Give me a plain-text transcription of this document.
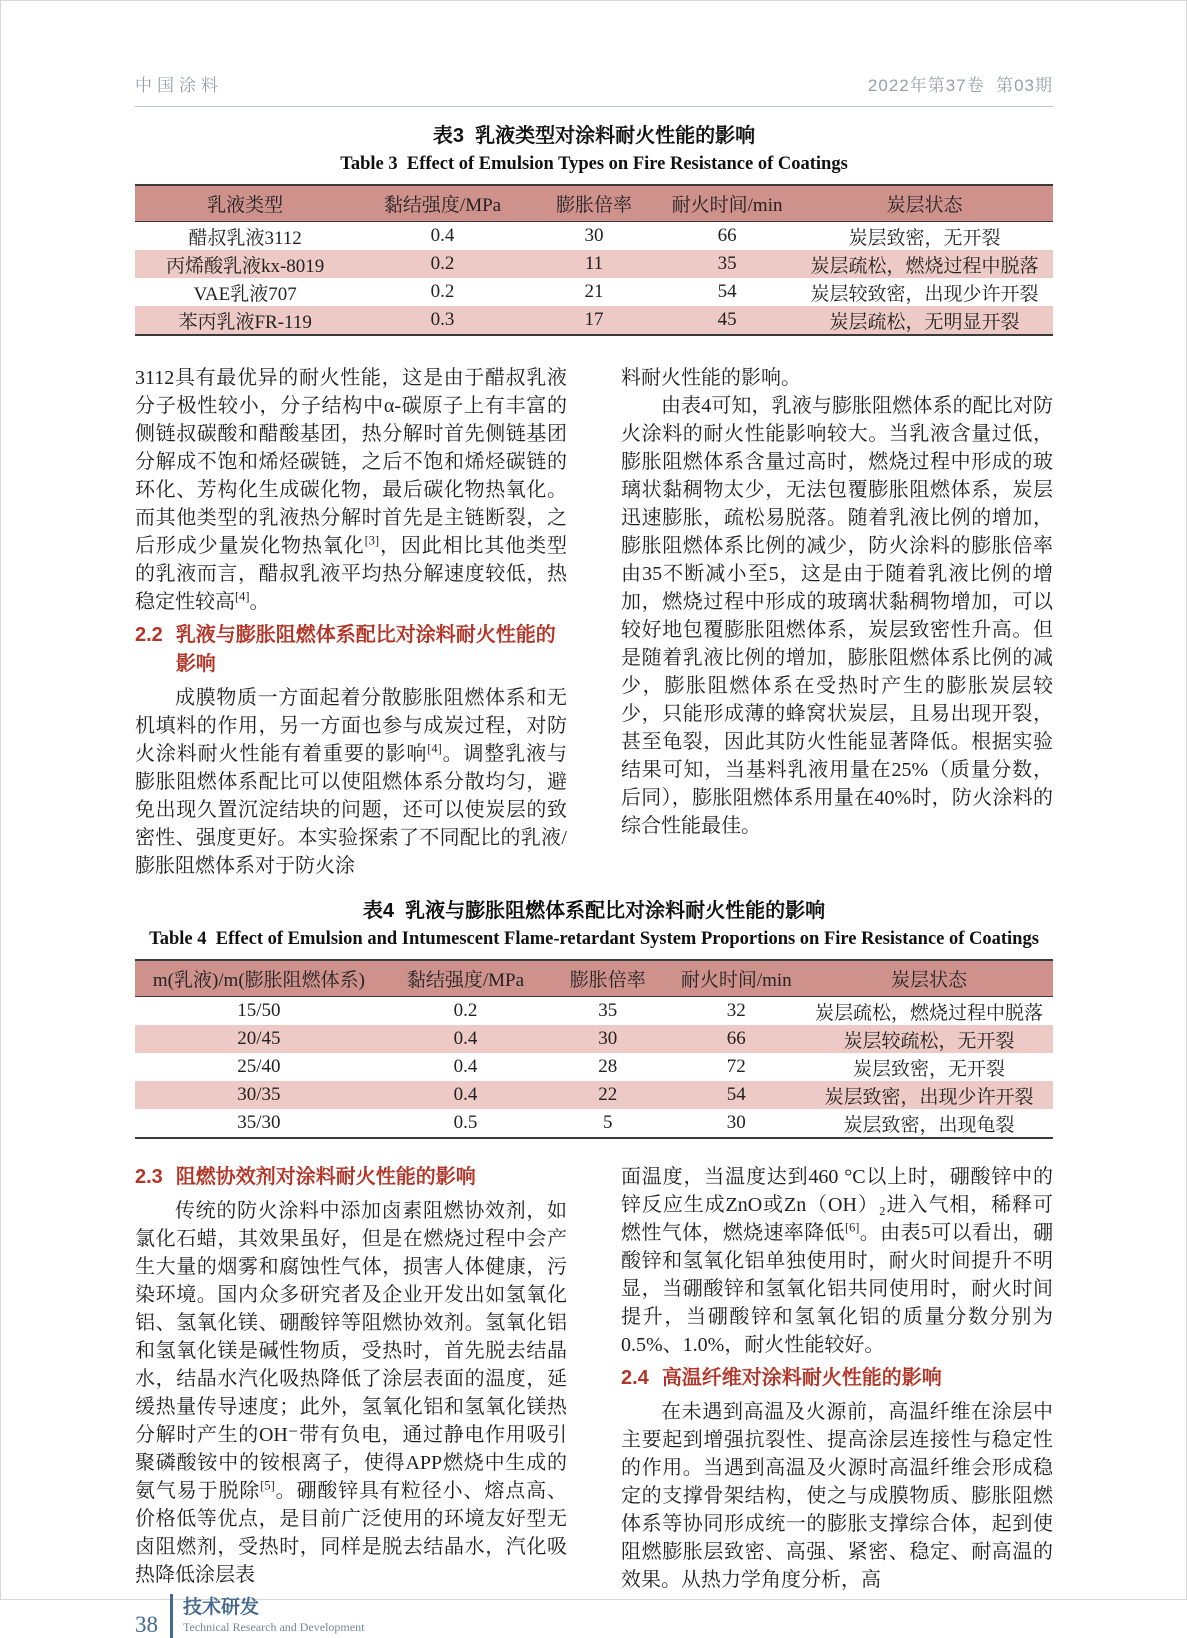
中国涂料	2022年第37卷  第03期
表3  乳液类型对涂料耐火性能的影响
Table 3  Effect of Emulsion Types on Fire Resistance of Coatings
乳液类型	黏结强度/MPa	膨胀倍率	耐火时间/min	炭层状态
醋叔乳液3112	0.4	30	66	炭层致密，无开裂
丙烯酸乳液kx-8019	0.2	11	35	炭层疏松，燃烧过程中脱落
VAE乳液707	0.2	21	54	炭层较致密，出现少许开裂
苯丙乳液FR-119	0.3	17	45	炭层疏松，无明显开裂

3112具有最优异的耐火性能，这是由于醋叔乳液分子极性较小，分子结构中α-碳原子上有丰富的侧链叔碳酸和醋酸基团，热分解时首先侧链基团分解成不饱和烯烃碳链，之后不饱和烯烃碳链的环化、芳构化生成碳化物，最后碳化物热氧化。而其他类型的乳液热分解时首先是主链断裂，之后形成少量炭化物热氧化[3]，因此相比其他类型的乳液而言，醋叔乳液平均热分解速度较低，热稳定性较高[4]。

2.2 乳液与膨胀阻燃体系配比对涂料耐火性能的影响

成膜物质一方面起着分散膨胀阻燃体系和无机填料的作用，另一方面也参与成炭过程，对防火涂料耐火性能有着重要的影响[4]。调整乳液与膨胀阻燃体系配比可以使阻燃体系分散均匀，避免出现久置沉淀结块的问题，还可以使炭层的致密性、强度更好。本实验探索了不同配比的乳液/膨胀阻燃体系对于防火涂

料耐火性能的影响。

由表4可知，乳液与膨胀阻燃体系的配比对防火涂料的耐火性能影响较大。当乳液含量过低，膨胀阻燃体系含量过高时，燃烧过程中形成的玻璃状黏稠物太少，无法包覆膨胀阻燃体系，炭层迅速膨胀，疏松易脱落。随着乳液比例的增加，膨胀阻燃体系比例的减少，防火涂料的膨胀倍率由35不断减小至5，这是由于随着乳液比例的增加，燃烧过程中形成的玻璃状黏稠物增加，可以较好地包覆膨胀阻燃体系，炭层致密性升高。但是随着乳液比例的增加，膨胀阻燃体系比例的减少，膨胀阻燃体系在受热时产生的膨胀炭层较少，只能形成薄的蜂窝状炭层，且易出现开裂，甚至龟裂，因此其防火性能显著降低。根据实验结果可知，当基料乳液用量在25%（质量分数，后同），膨胀阻燃体系用量在40%时，防火涂料的综合性能最佳。

表4  乳液与膨胀阻燃体系配比对涂料耐火性能的影响
Table 4  Effect of Emulsion and Intumescent Flame-retardant System Proportions on Fire Resistance of Coatings
m(乳液)/m(膨胀阻燃体系)	黏结强度/MPa	膨胀倍率	耐火时间/min	炭层状态
15/50	0.2	35	32	炭层疏松，燃烧过程中脱落
20/45	0.4	30	66	炭层较疏松，无开裂
25/40	0.4	28	72	炭层致密，无开裂
30/35	0.4	22	54	炭层致密，出现少许开裂
35/30	0.5	5	30	炭层致密，出现龟裂
2.3 阻燃协效剂对涂料耐火性能的影响

传统的防火涂料中添加卤素阻燃协效剂，如氯化石蜡，其效果虽好，但是在燃烧过程中会产生大量的烟雾和腐蚀性气体，损害人体健康，污染环境。国内众多研究者及企业开发出如氢氧化铝、氢氧化镁、硼酸锌等阻燃协效剂。氢氧化铝和氢氧化镁是碱性物质，受热时，首先脱去结晶水，结晶水汽化吸热降低了涂层表面的温度，延缓热量传导速度；此外，氢氧化铝和氢氧化镁热分解时产生的OH⁻带有负电，通过静电作用吸引聚磷酸铵中的铵根离子，使得APP燃烧中生成的氨气易于脱除[5]。硼酸锌具有粒径小、熔点高、价格低等优点，是目前广泛使用的环境友好型无卤阻燃剂，受热时，同样是脱去结晶水，汽化吸热降低涂层表

面温度，当温度达到460 °C以上时，硼酸锌中的锌反应生成ZnO或Zn（OH）₂进入气相，稀释可燃性气体，燃烧速率降低[6]。由表5可以看出，硼酸锌和氢氧化铝单独使用时，耐火时间提升不明显，当硼酸锌和氢氧化铝共同使用时，耐火时间提升，当硼酸锌和氢氧化铝的质量分数分别为0.5%、1.0%，耐火性能较好。

2.4 高温纤维对涂料耐火性能的影响

在未遇到高温及火源前，高温纤维在涂层中主要起到增强抗裂性、提高涂层连接性与稳定性的作用。当遇到高温及火源时高温纤维会形成稳定的支撑骨架结构，使之与成膜物质、膨胀阻燃体系等协同形成统一的膨胀支撑综合体，起到使阻燃膨胀层致密、高强、紧密、稳定、耐高温的效果。从热力学角度分析，高

38
技术研发
Technical Research and Development
